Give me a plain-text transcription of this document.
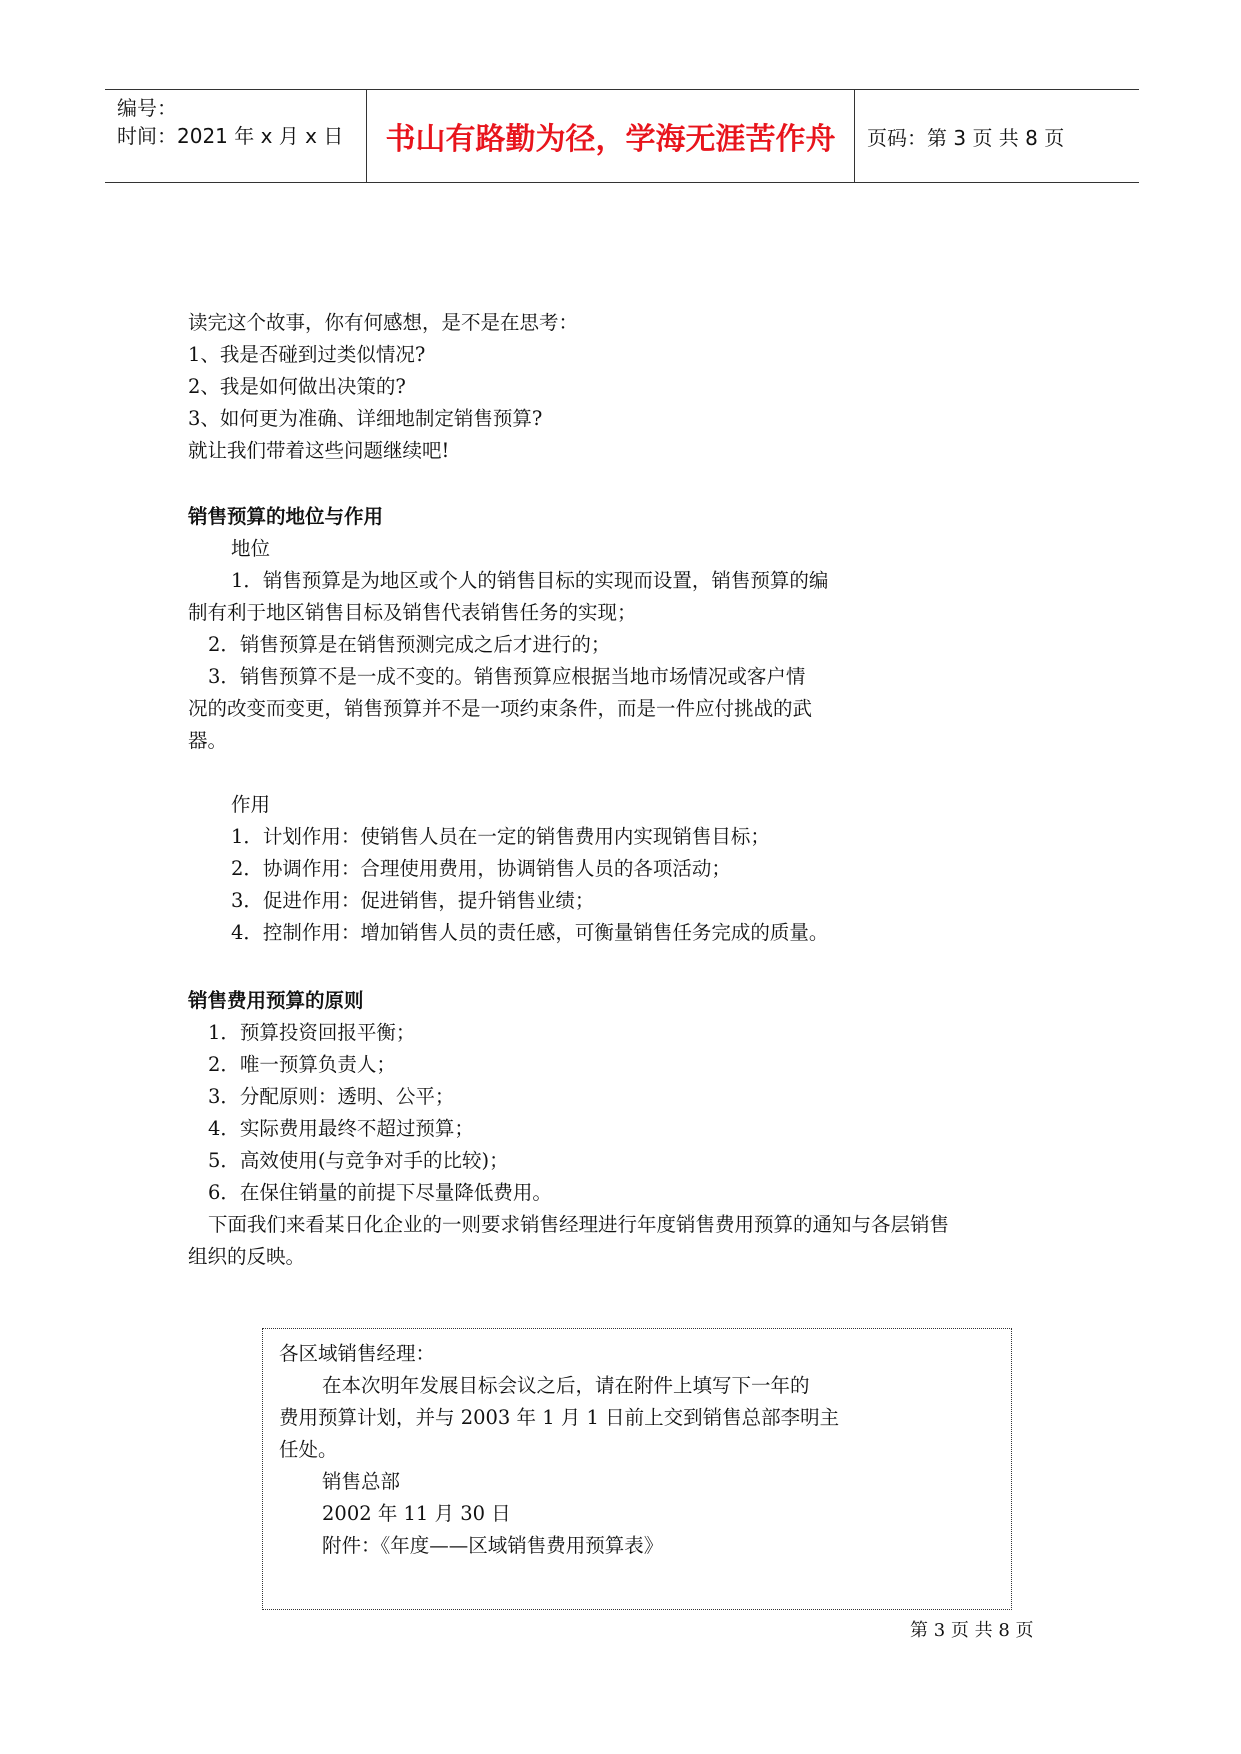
编号：
时间：2021 年 x 月 x 日	书山有路勤为径，学海无涯苦作舟	页码：第 3 页 共 8 页
读完这个故事，你有何感想，是不是在思考：
1、我是否碰到过类似情况?
2、我是如何做出决策的?
3、如何更为准确、详细地制定销售预算?
就让我们带着这些问题继续吧!
销售预算的地位与作用
地位
1．销售预算是为地区或个人的销售目标的实现而设置，销售预算的编
制有利于地区销售目标及销售代表销售任务的实现；
2．销售预算是在销售预测完成之后才进行的；
3．销售预算不是一成不变的。销售预算应根据当地市场情况或客户情
况的改变而变更，销售预算并不是一项约束条件，而是一件应付挑战的武
器。
作用
1．计划作用：使销售人员在一定的销售费用内实现销售目标；
2．协调作用：合理使用费用，协调销售人员的各项活动；
3．促进作用：促进销售，提升销售业绩；
4．控制作用：增加销售人员的责任感，可衡量销售任务完成的质量。
销售费用预算的原则
1．预算投资回报平衡；
2．唯一预算负责人；
3．分配原则：透明、公平；
4．实际费用最终不超过预算；
5．高效使用(与竞争对手的比较)；
6．在保住销量的前提下尽量降低费用。
下面我们来看某日化企业的一则要求销售经理进行年度销售费用预算的通知与各层销售
组织的反映。
各区域销售经理：
在本次明年发展目标会议之后，请在附件上填写下一年的
费用预算计划，并与 2003 年 1 月 1 日前上交到销售总部李明主
任处。
销售总部
2002 年 11 月 30 日
附件：《年度——区域销售费用预算表》
第 3 页 共 8 页
